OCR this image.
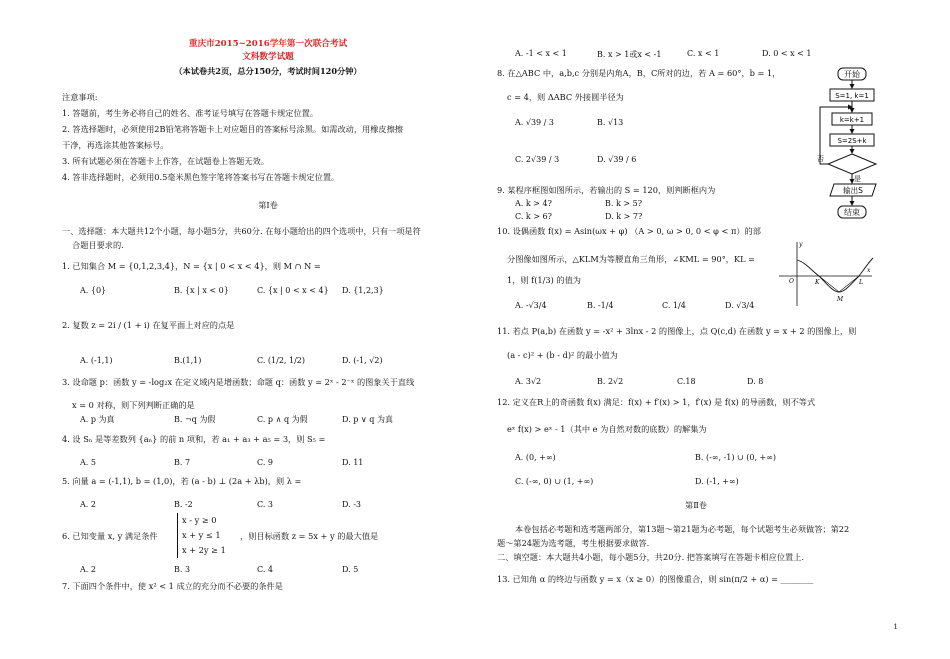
重庆市2015~2016学年第一次联合考试
文科数学试题
（本试卷共2页，总分150分，考试时间120分钟）
注意事项:
1. 答题前，考生务必将自己的姓名、准考证号填写在答题卡规定位置。
2. 答选择题时，必须使用2B铅笔将答题卡上对应题目的答案标号涂黑。如需改动，用橡皮擦擦
干净，再选涂其他答案标号。
3. 所有试题必须在答题卡上作答，在试题卷上答题无效。
4. 答非选择题时，必须用0.5毫米黑色签字笔将答案书写在答题卡规定位置。
第Ⅰ卷
一、选择题：本大题共12个小题，每小题5分，共60分. 在每小题给出的四个选项中，只有一项是符
合题目要求的.
1. 已知集合 M = {0,1,2,3,4}，N = {x | 0 < x < 4}，则 M ∩ N =
A. {0}	B. {x | x < 0}	C. {x | 0 < x < 4} D. {1,2,3}
2. 复数 z = 2i / (1 + i) 在复平面上对应的点是
A. (-1,1)	B.(1,1)	C. (1/2, 1/2)	D. (-1, √2)
3. 设命题 p：函数 y = -log₂x 在定义域内是增函数；命题 q：函数 y = 2ˣ - 2⁻ˣ 的图象关于直线
x = 0 对称，则下列判断正确的是
A. p 为真	B. ¬q 为假	C. p ∧ q 为假	D. p ∨ q 为真
4. 设 Sₙ 是等差数列 {aₙ} 的前 n 项和，若 a₁ + a₃ + a₅ = 3，则 S₅ =
A. 5	B. 7	C. 9	D. 11
5. 向量 a = (-1,1), b = (1,0)，若 (a - b) ⊥ (2a + λb)，则 λ =
A. 2	B. -2	C. 3	D. -3
6. 已知变量 x, y 满足条件
x - y ≥ 0
x + y ≤ 1
x + 2y ≥ 1
，则目标函数 z = 5x + y 的最大值是
A. 2	B. 3	C. 4	D. 5
7. 下面四个条件中，使 x² < 1 成立的充分而不必要的条件是
A. -1 < x < 1	B. x > 1或x < -1	C. x < 1	D. 0 < x < 1
8. 在△ABC 中，a,b,c 分别是内角A，B，C所对的边，若 A = 60°，b = 1，
c = 4，则 ΔABC 外接圆半径为
A. √39 / 3	B. √13
C. 2√39 / 3	D. √39 / 6
9. 某程序框图如图所示，若输出的 S = 120，则判断框内为
A. k > 4?	B. k > 5?
C. k > 6?	D. k > 7?
10. 设偶函数 f(x) = Asin(ωx + φ) （A > 0, ω > 0, 0 < φ < π）的部
分图像如图所示，△KLM为等腰直角三角形，∠KML = 90°，KL =
1，则 f(1/3) 的值为
A. -√3/4	B. -1/4	C. 1/4	D. √3/4
11. 若点 P(a,b) 在函数 y = -x² + 3lnx - 2 的图像上，点 Q(c,d) 在函数 y = x + 2 的图像上，则
(a - c)² + (b - d)² 的最小值为
A. 3√2	B. 2√2	C.18	D. 8
12. 定义在R上的奇函数 f(x) 满足：f(x) + f′(x) > 1，f′(x) 是 f(x) 的导函数，则不等式
eˣ f(x) > eˣ - 1（其中 e 为自然对数的底数）的解集为
A. (0, +∞)	B. (-∞, -1) ∪ (0, +∞)
C. (-∞, 0) ∪ (1, +∞)	D. (-1, +∞)
第Ⅱ卷
本卷包括必考题和选考题两部分，第13题～第21题为必考题，每个试题考生必须做答；第22
题～第24题为选考题，考生根据要求做答.
二、填空题：本大题共4小题，每小题5分，共20分. 把答案填写在答题卡相应位置上.
13. 已知角 α 的终边与函数 y = x（x ≥ 0）的图像重合，则 sin(π/2 + α) = ________
开始
S=1, k=1
k=k+1
S=2S+k
否
是
输出S
结束
y
x
O	K	L
M
1
